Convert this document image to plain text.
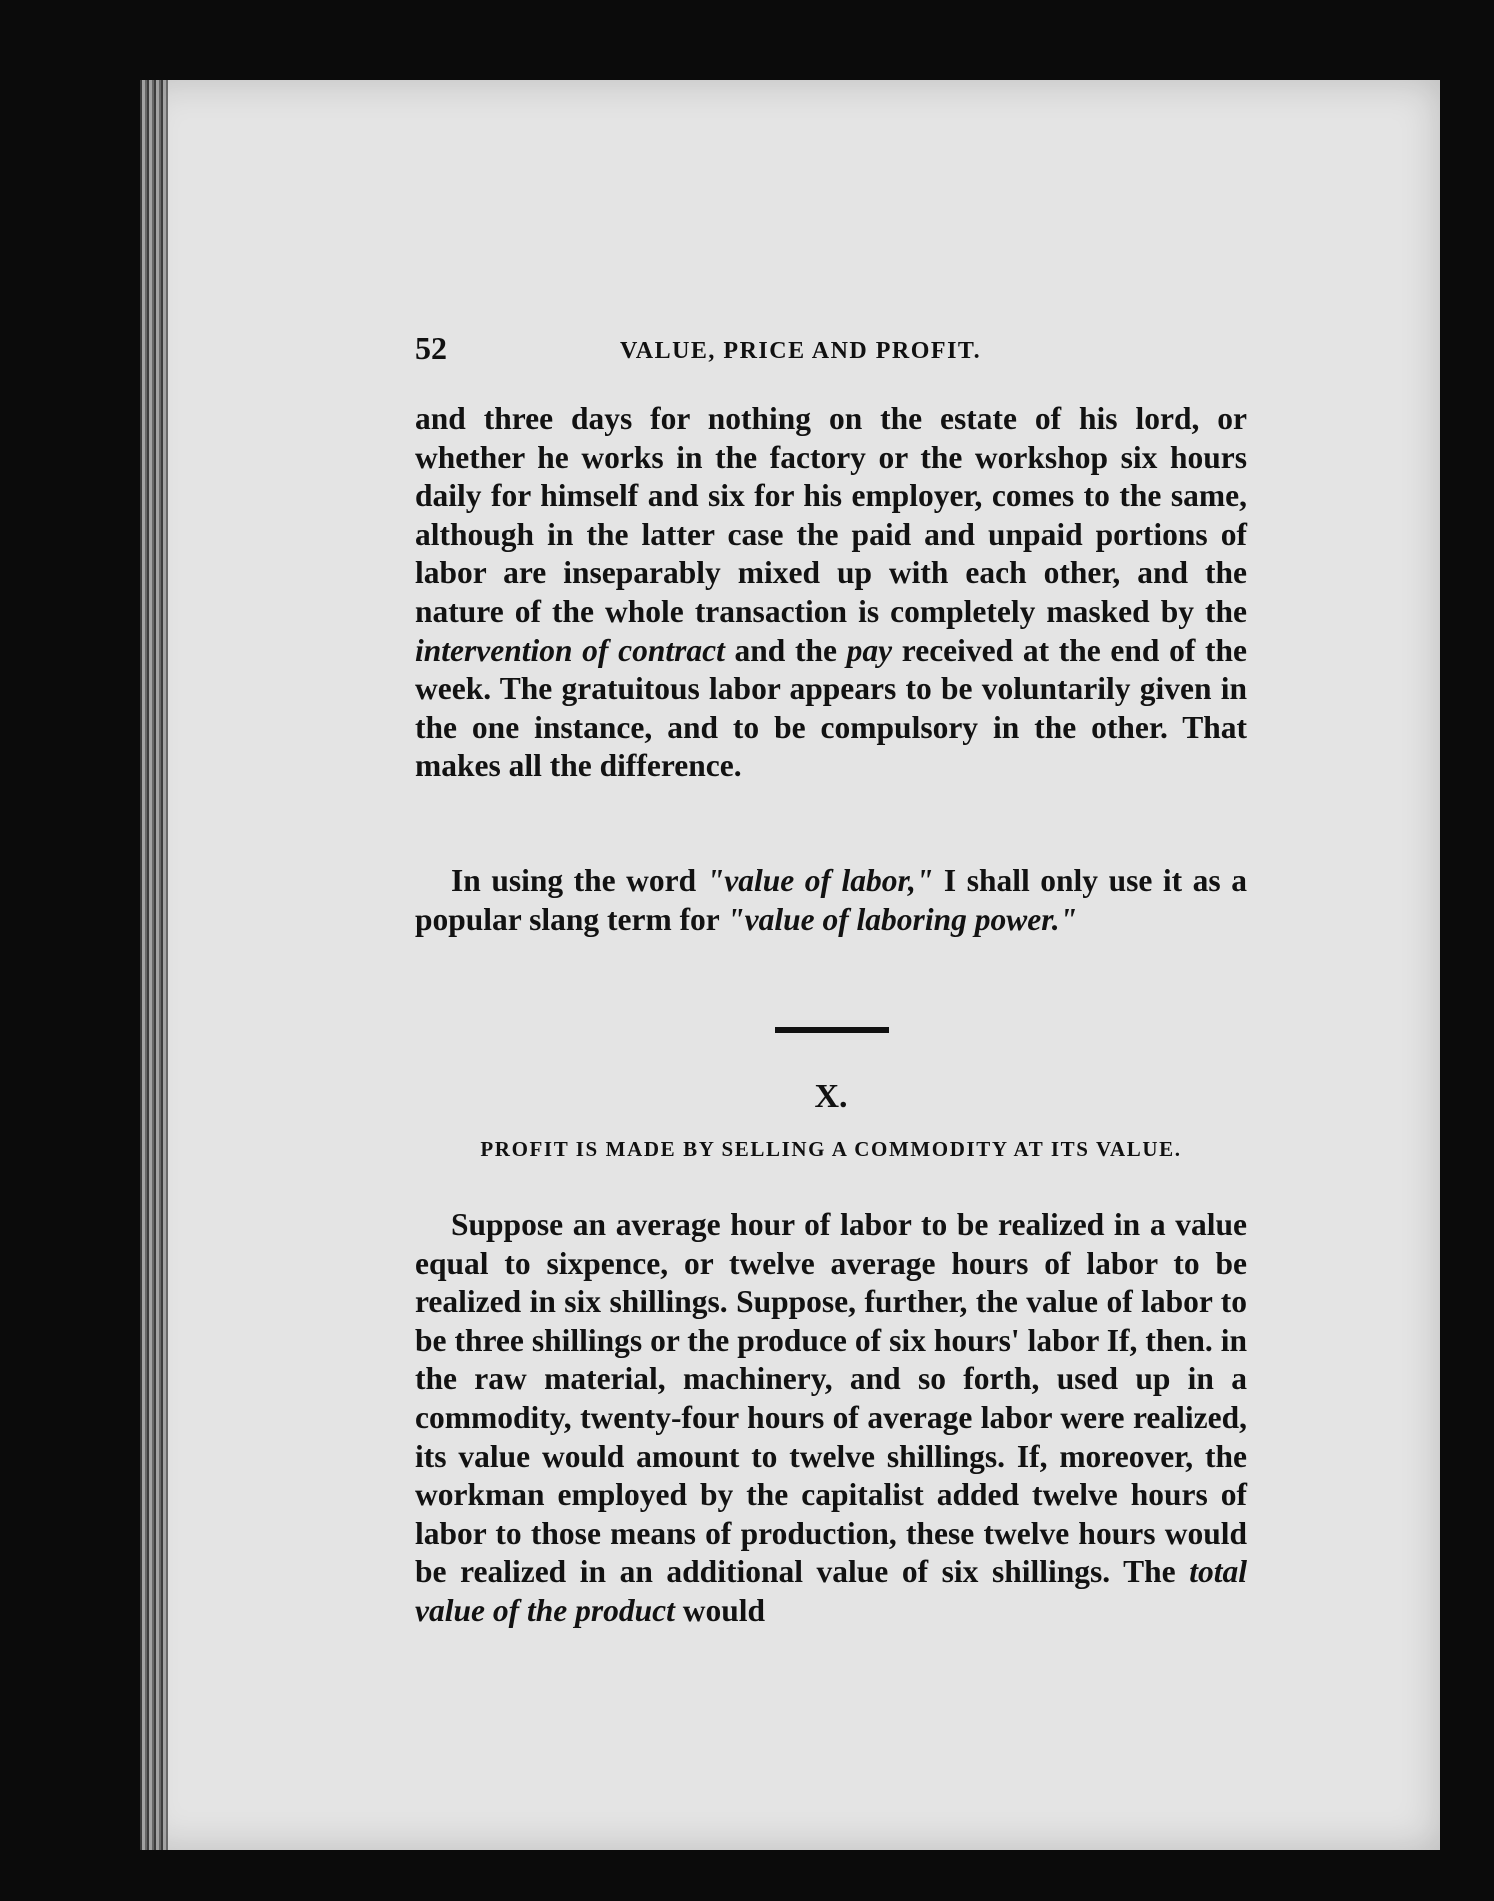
52	VALUE, PRICE AND PROFIT.

and three days for nothing on the estate of his lord, or whether he works in the factory or the workshop six hours daily for himself and six for his employer, comes to the same, although in the latter case the paid and unpaid portions of labor are inseparably mixed up with each other, and the nature of the whole transaction is completely masked by the intervention of contract and the pay received at the end of the week. The gratuitous labor appears to be voluntarily given in the one instance, and to be compulsory in the other. That makes all the difference.

In using the word "value of labor," I shall only use it as a popular slang term for "value of laboring power."

X.
PROFIT IS MADE BY SELLING A COMMODITY AT ITS VALUE.

Suppose an average hour of labor to be realized in a value equal to sixpence, or twelve average hours of labor to be realized in six shillings. Suppose, further, the value of labor to be three shillings or the produce of six hours' labor If, then. in the raw material, machinery, and so forth, used up in a commodity, twenty-four hours of average labor were realized, its value would amount to twelve shillings. If, moreover, the workman employed by the capitalist added twelve hours of labor to those means of production, these twelve hours would be realized in an additional value of six shillings. The total value of the product would
